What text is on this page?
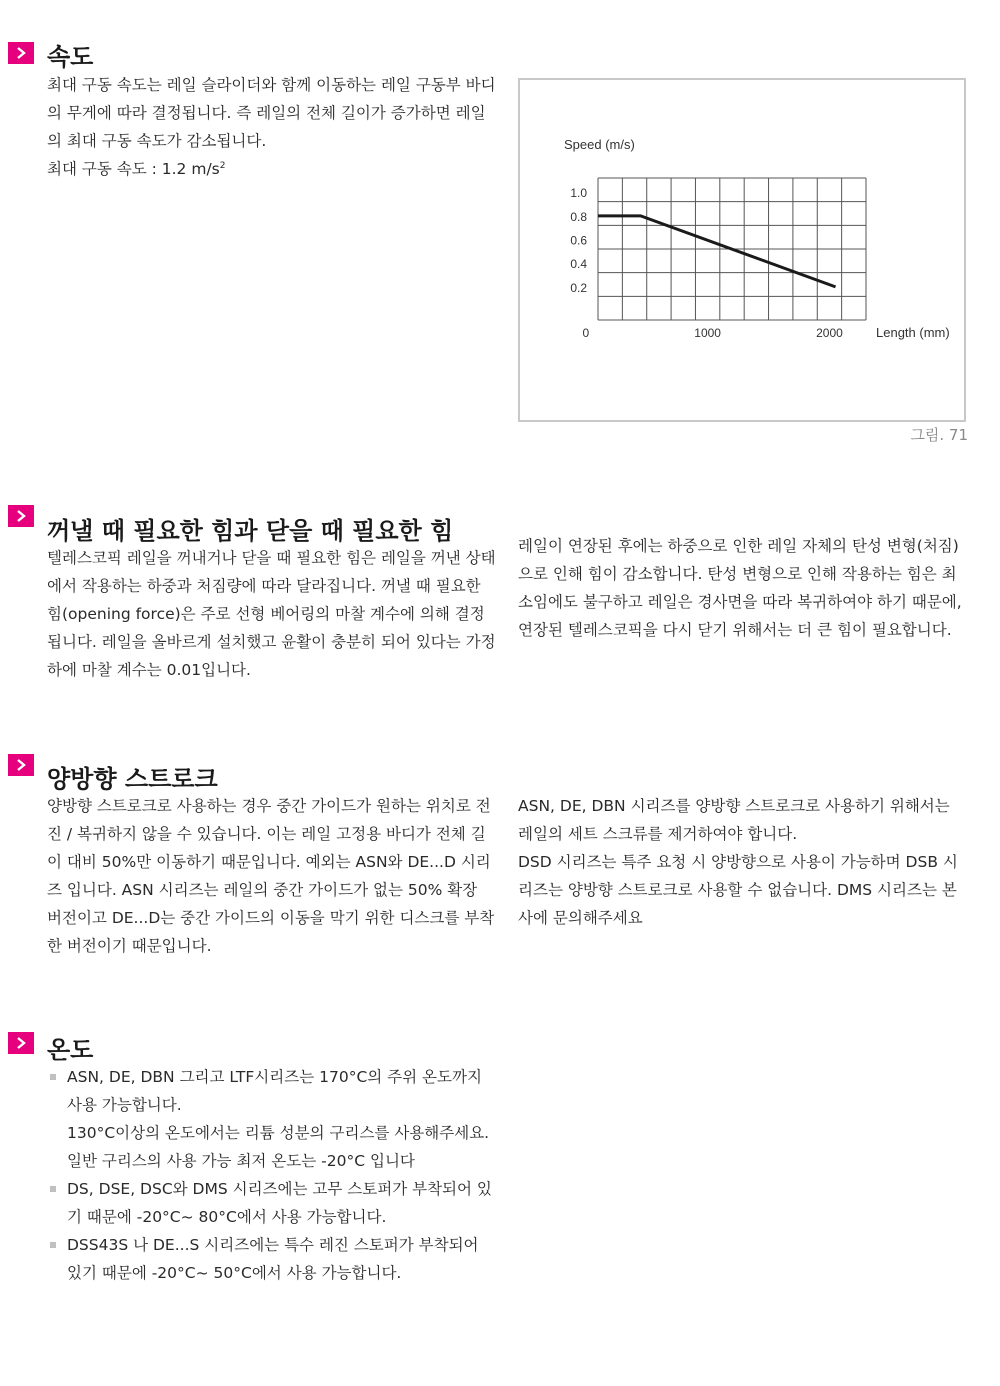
속도

최대 구동 속도는 레일 슬라이더와 함께 이동하는 레일 구동부 바디의 무게에 따라 결정됩니다. 즉 레일의 전체 길이가 증가하면 레일의 최대 구동 속도가 감소됩니다.

최대 구동 속도 : 1.2 $m/s^2$

0.2
0.4
0.6
0.8
1.0
0	1000	2000
Speed (m/s)
Length (mm)
그림. 71
꺼낼 때 필요한 힘과 닫을 때 필요한 힘

텔레스코픽 레일을 꺼내거나 닫을 때 필요한 힘은 레일을 꺼낸 상태에서 작용하는 하중과 처짐량에 따라 달라집니다. 꺼낼 때 필요한 힘(opening force)은 주로 선형 베어링의 마찰 계수에 의해 결정됩니다. 레일을 올바르게 설치했고 윤활이 충분히 되어 있다는 가정 하에 마찰 계수는 0.01입니다.

레일이 연장된 후에는 하중으로 인한 레일 자체의 탄성 변형(처짐)으로 인해 힘이 감소합니다. 탄성 변형으로 인해 작용하는 힘은 최소임에도 불구하고 레일은 경사면을 따라 복귀하여야 하기 때문에, 연장된 텔레스코픽을 다시 닫기 위해서는 더 큰 힘이 필요합니다.

양방향 스트로크

양방향 스트로크로 사용하는 경우 중간 가이드가 원하는 위치로 전진 / 복귀하지 않을 수 있습니다. 이는 레일 고정용 바디가 전체 길이 대비 50%만 이동하기 때문입니다. 예외는 ASN와 DE...D 시리즈 입니다. ASN 시리즈는 레일의 중간 가이드가 없는 50% 확장 버전이고 DE...D는 중간 가이드의 이동을 막기 위한 디스크를 부착한 버전이기 때문입니다.

ASN, DE, DBN 시리즈를 양방향 스트로크로 사용하기 위해서는 레일의 세트 스크류를 제거하여야 합니다.

DSD 시리즈는 특주 요청 시 양방향으로 사용이 가능하며 DSB 시리즈는 양방향 스트로크로 사용할 수 없습니다. DMS 시리즈는 본사에 문의해주세요

온도

ASN, DE, DBN 그리고 LTF시리즈는 170°C의 주위 온도까지 사용 가능합니다.

130°C이상의 온도에서는 리튬 성분의 구리스를 사용해주세요.

일반 구리스의 사용 가능 최저 온도는 -20°C 입니다

DS, DSE, DSC와 DMS 시리즈에는 고무 스토퍼가 부착되어 있기 때문에 -20°C~ 80°C에서 사용 가능합니다.

DSS43S 나 DE...S 시리즈에는 특수 레진 스토퍼가 부착되어 있기 때문에 -20°C~ 50°C에서 사용 가능합니다.
